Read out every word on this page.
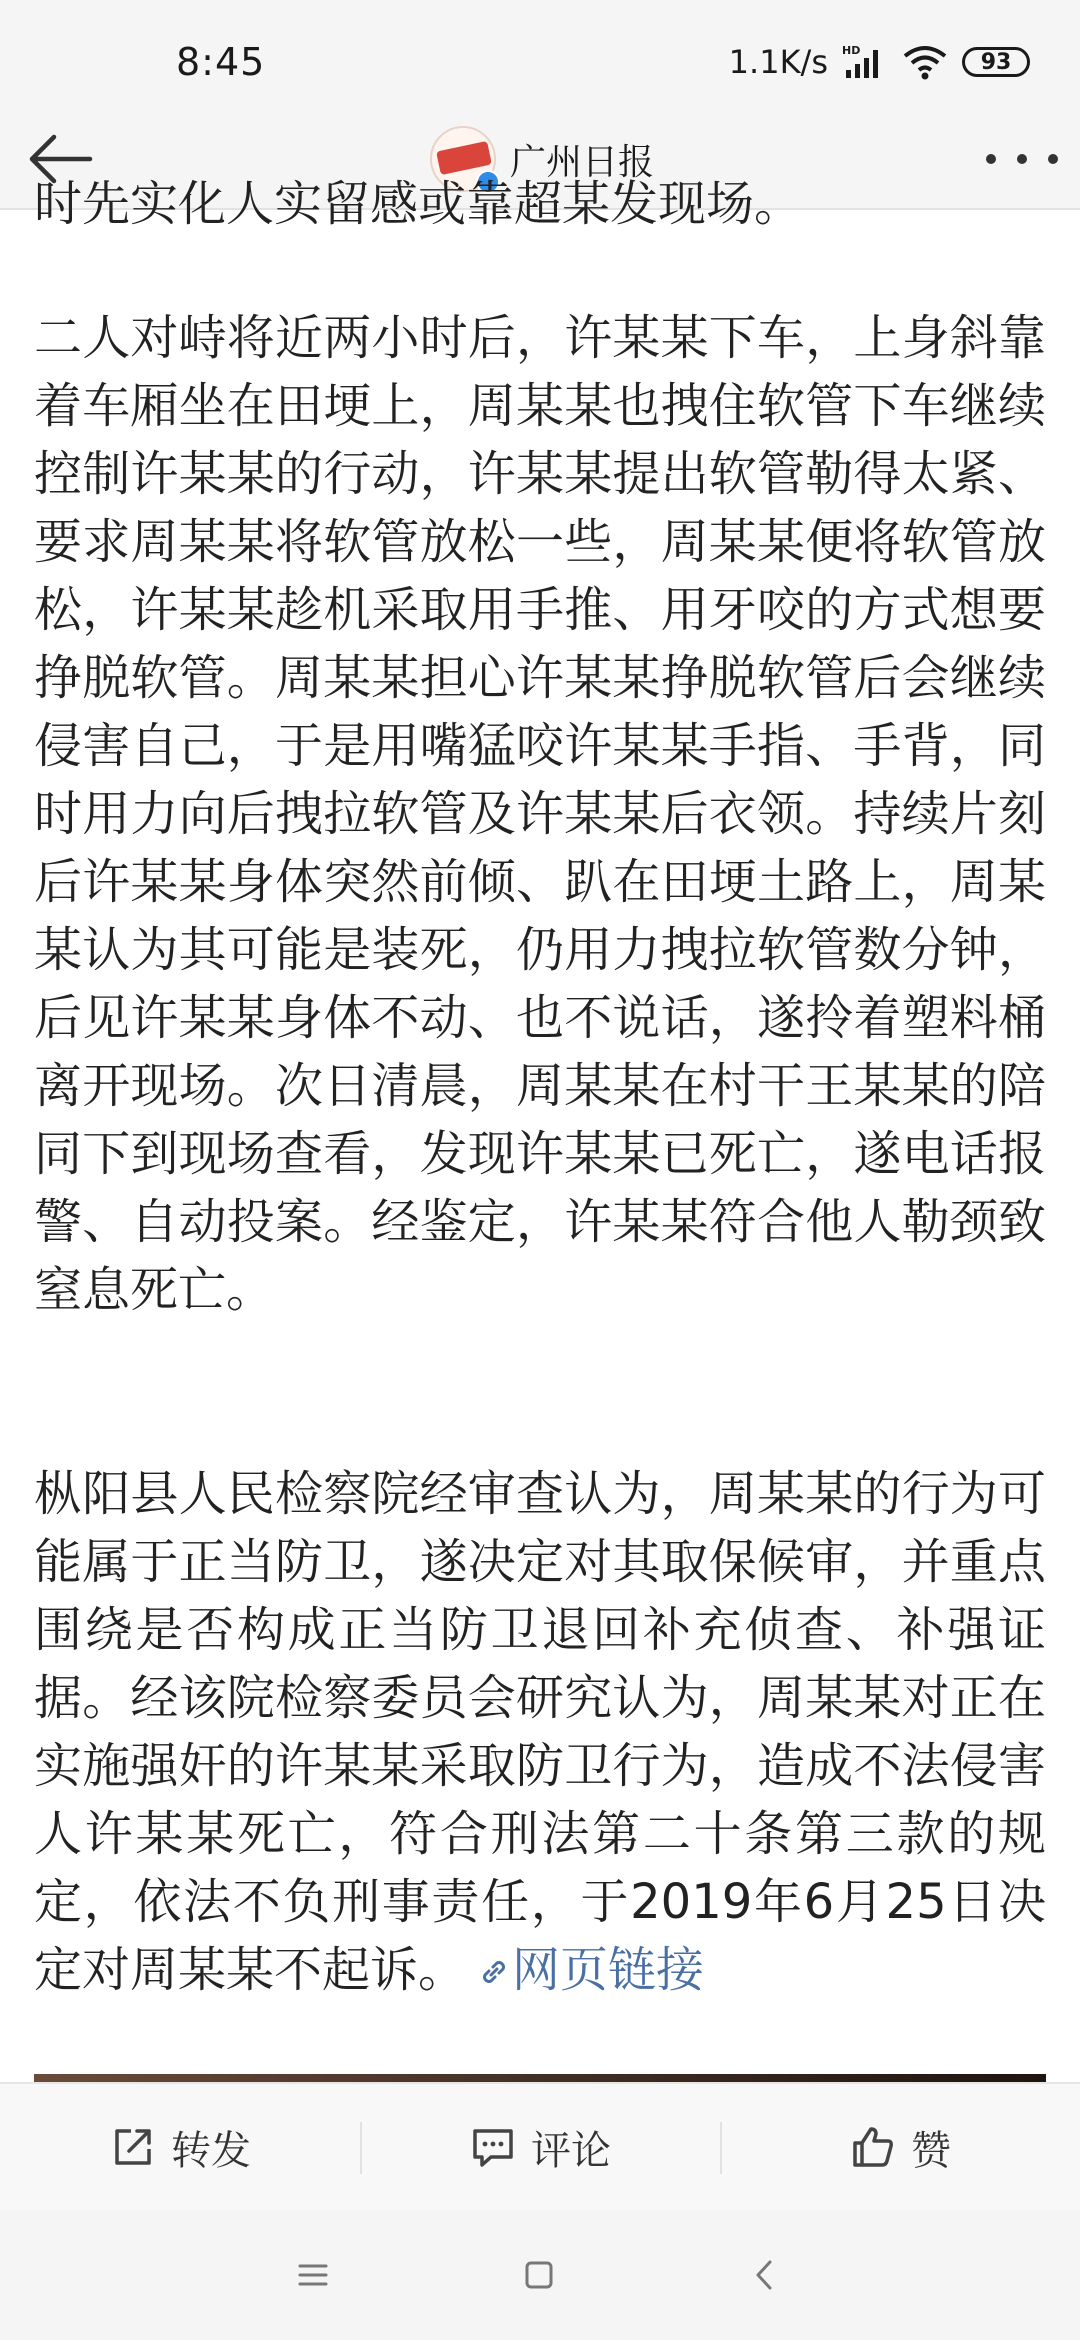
8:45	1.1K/s HD	93
广州日报
时先实化人实留感或靠超某发现场。

二人对峙将近两小时后，许某某下车，上身斜靠着车厢坐在田埂上，周某某也拽住软管下车继续控制许某某的行动，许某某提出软管勒得太紧、要求周某某将软管放松一些，周某某便将软管放松，许某某趁机采取用手推、用牙咬的方式想要挣脱软管。周某某担心许某某挣脱软管后会继续侵害自己，于是用嘴猛咬许某某手指、手背，同时用力向后拽拉软管及许某某后衣领。持续片刻后许某某身体突然前倾、趴在田埂土路上，周某某认为其可能是装死，仍用力拽拉软管数分钟，后见许某某身体不动、也不说话，遂拎着塑料桶离开现场。次日清晨，周某某在村干王某某的陪同下到现场查看，发现许某某已死亡，遂电话报警、自动投案。经鉴定，许某某符合他人勒颈致窒息死亡。

枞阳县人民检察院经审查认为，周某某的行为可能属于正当防卫，遂决定对其取保候审，并重点围绕是否构成正当防卫退回补充侦查、补强证据。经该院检察委员会研究认为，周某某对正在实施强奸的许某某采取防卫行为，造成不法侵害人许某某死亡，符合刑法第二十条第三款的规定，依法不负刑事责任，于2019年6月25日决定对周某某不起诉。 网页链接

转发	评论	赞
